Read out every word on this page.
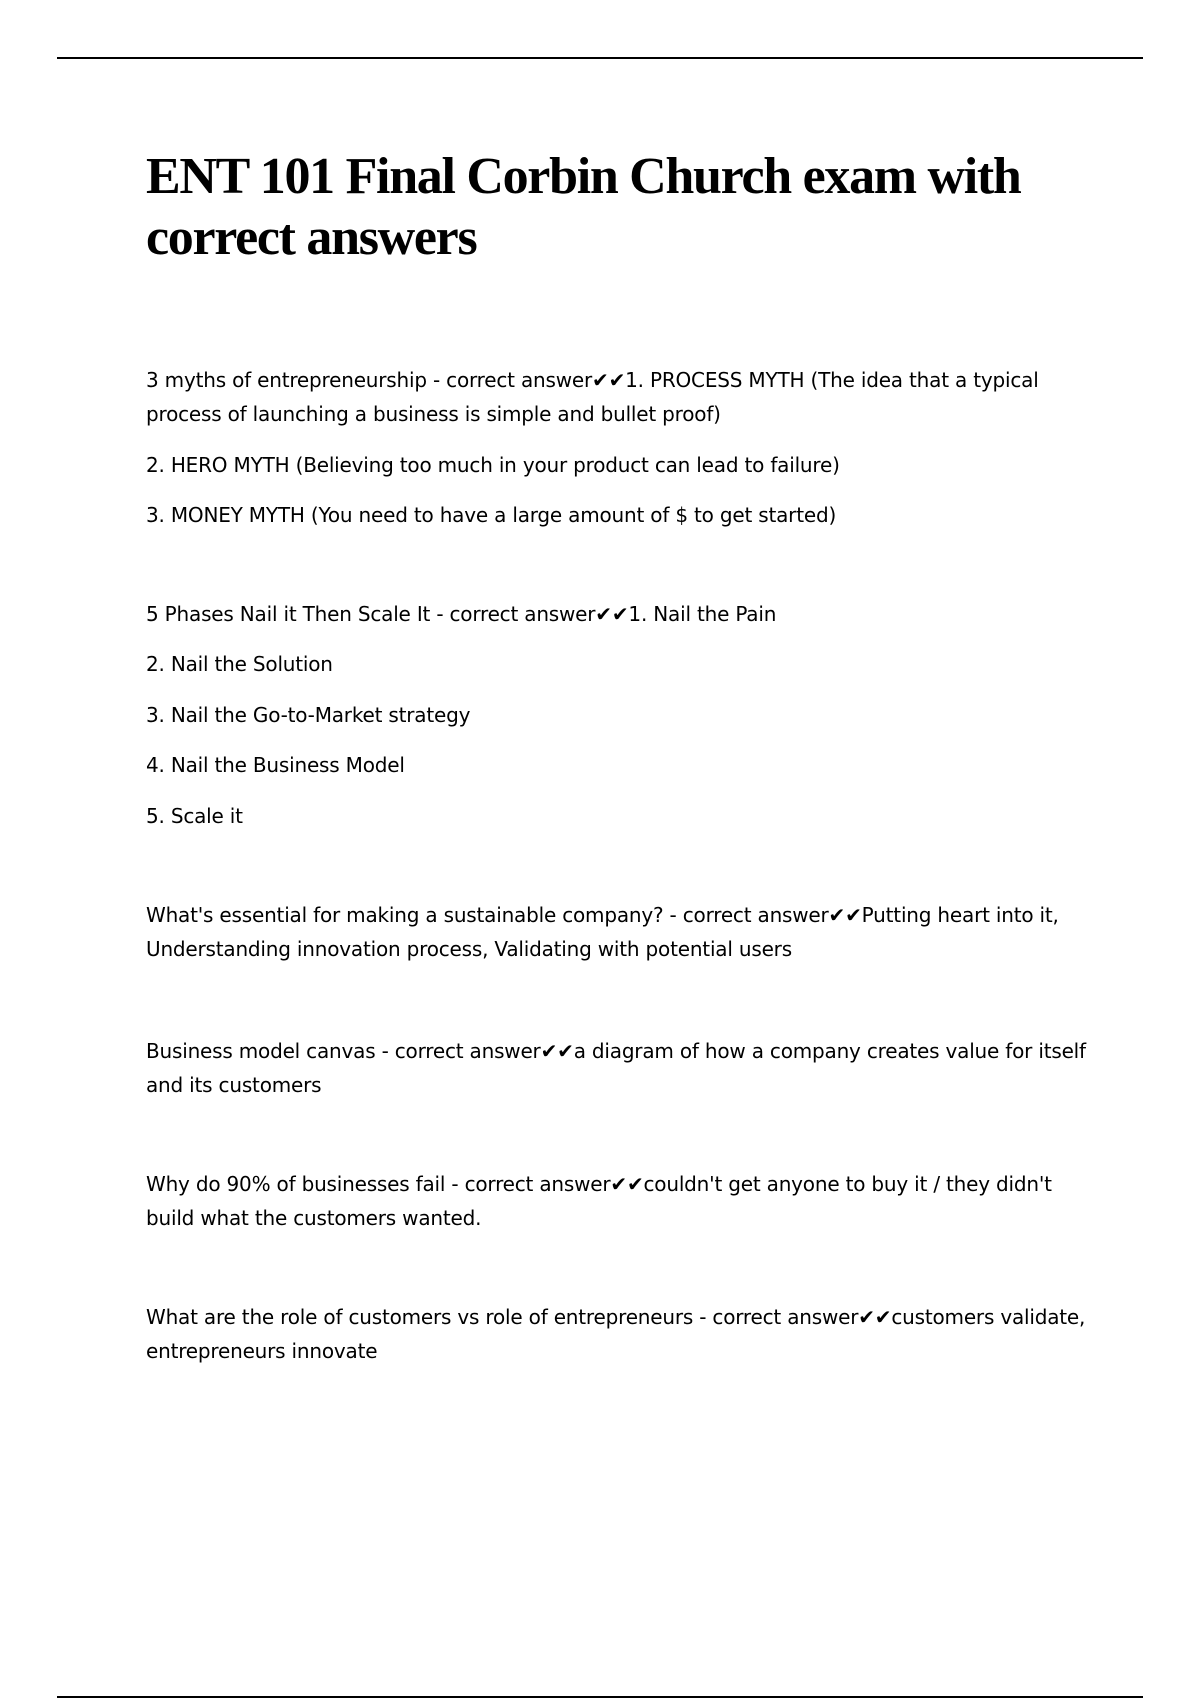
ENT 101 Final Corbin Church exam with correct answers

3 myths of entrepreneurship - correct answer✔✔1. PROCESS MYTH (The idea that a typical process of launching a business is simple and bullet proof)

2. HERO MYTH (Believing too much in your product can lead to failure)

3. MONEY MYTH (You need to have a large amount of $ to get started)

5 Phases Nail it Then Scale It - correct answer✔✔1. Nail the Pain

2. Nail the Solution

3. Nail the Go-to-Market strategy

4. Nail the Business Model

5. Scale it

What's essential for making a sustainable company? - correct answer✔✔Putting heart into it, Understanding innovation process, Validating with potential users

Business model canvas - correct answer✔✔a diagram of how a company creates value for itself and its customers

Why do 90% of businesses fail - correct answer✔✔couldn't get anyone to buy it / they didn't build what the customers wanted.

What are the role of customers vs role of entrepreneurs - correct answer✔✔customers validate, entrepreneurs innovate
